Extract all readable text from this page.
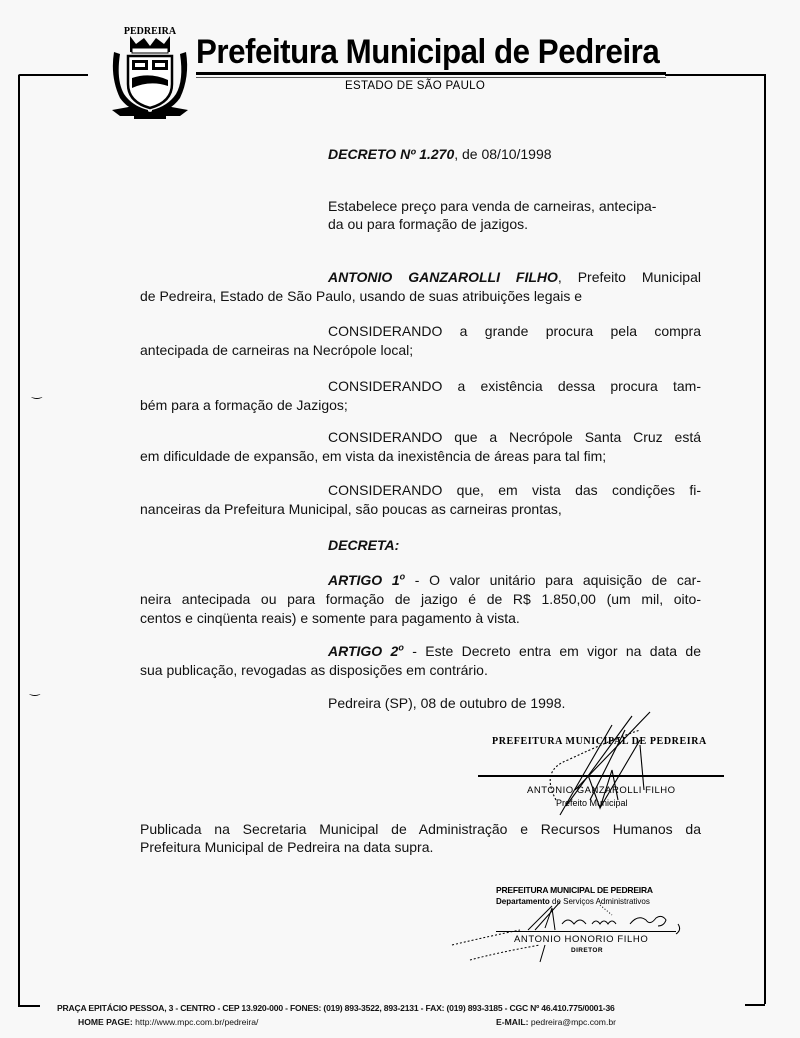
‿
‿
PEDREIRA
Prefeitura Municipal de Pedreira
ESTADO DE SÃO PAULO
DECRETO Nº 1.270, de 08/10/1998
Estabelece preço para venda de carneiras, antecipa-
da ou para formação de jazigos.
ANTONIO GANZAROLLI FILHO, Prefeito Municipal
de Pedreira, Estado de São Paulo, usando de suas atribuições legais e
CONSIDERANDO a grande procura pela compra
antecipada de carneiras na Necrópole local;
CONSIDERANDO a existência dessa procura tam-
bém para a formação de Jazigos;
CONSIDERANDO que a Necrópole Santa Cruz está
em dificuldade de expansão, em vista da inexistência de áreas para tal fim;
CONSIDERANDO que, em vista das condições fi-
nanceiras da Prefeitura Municipal, são poucas as carneiras prontas,
DECRETA:
ARTIGO 1$^o$ - O valor unitário para aquisição de car-
neira antecipada ou para formação de jazigo é de R$ 1.850,00 (um mil, oito-
centos e cinqüenta reais) e somente para pagamento à vista.
ARTIGO 2$^o$ - Este Decreto entra em vigor na data de
sua publicação, revogadas as disposições em contrário.
Pedreira (SP), 08 de outubro de 1998.
PREFEITURA MUNICIPAL DE PEDREIRA
ANTONIO GANZAROLLI FILHO
Prefeito Municipal
Publicada na Secretaria Municipal de Administração e Recursos Humanos da
Prefeitura Municipal de Pedreira na data supra.
PREFEITURA MUNICIPAL DE PEDREIRA
Departamento de Serviços Administrativos
ANTONIO HONORIO FILHO
DIRETOR
PRAÇA EPITÁCIO PESSOA, 3 - CENTRO - CEP 13.920-000 - FONES: (019) 893-3522, 893-2131 - FAX: (019) 893-3185 - CGC Nº 46.410.775/0001-36
HOME PAGE: http://www.mpc.com.br/pedreira/	E-MAIL: pedreira@mpc.com.br
